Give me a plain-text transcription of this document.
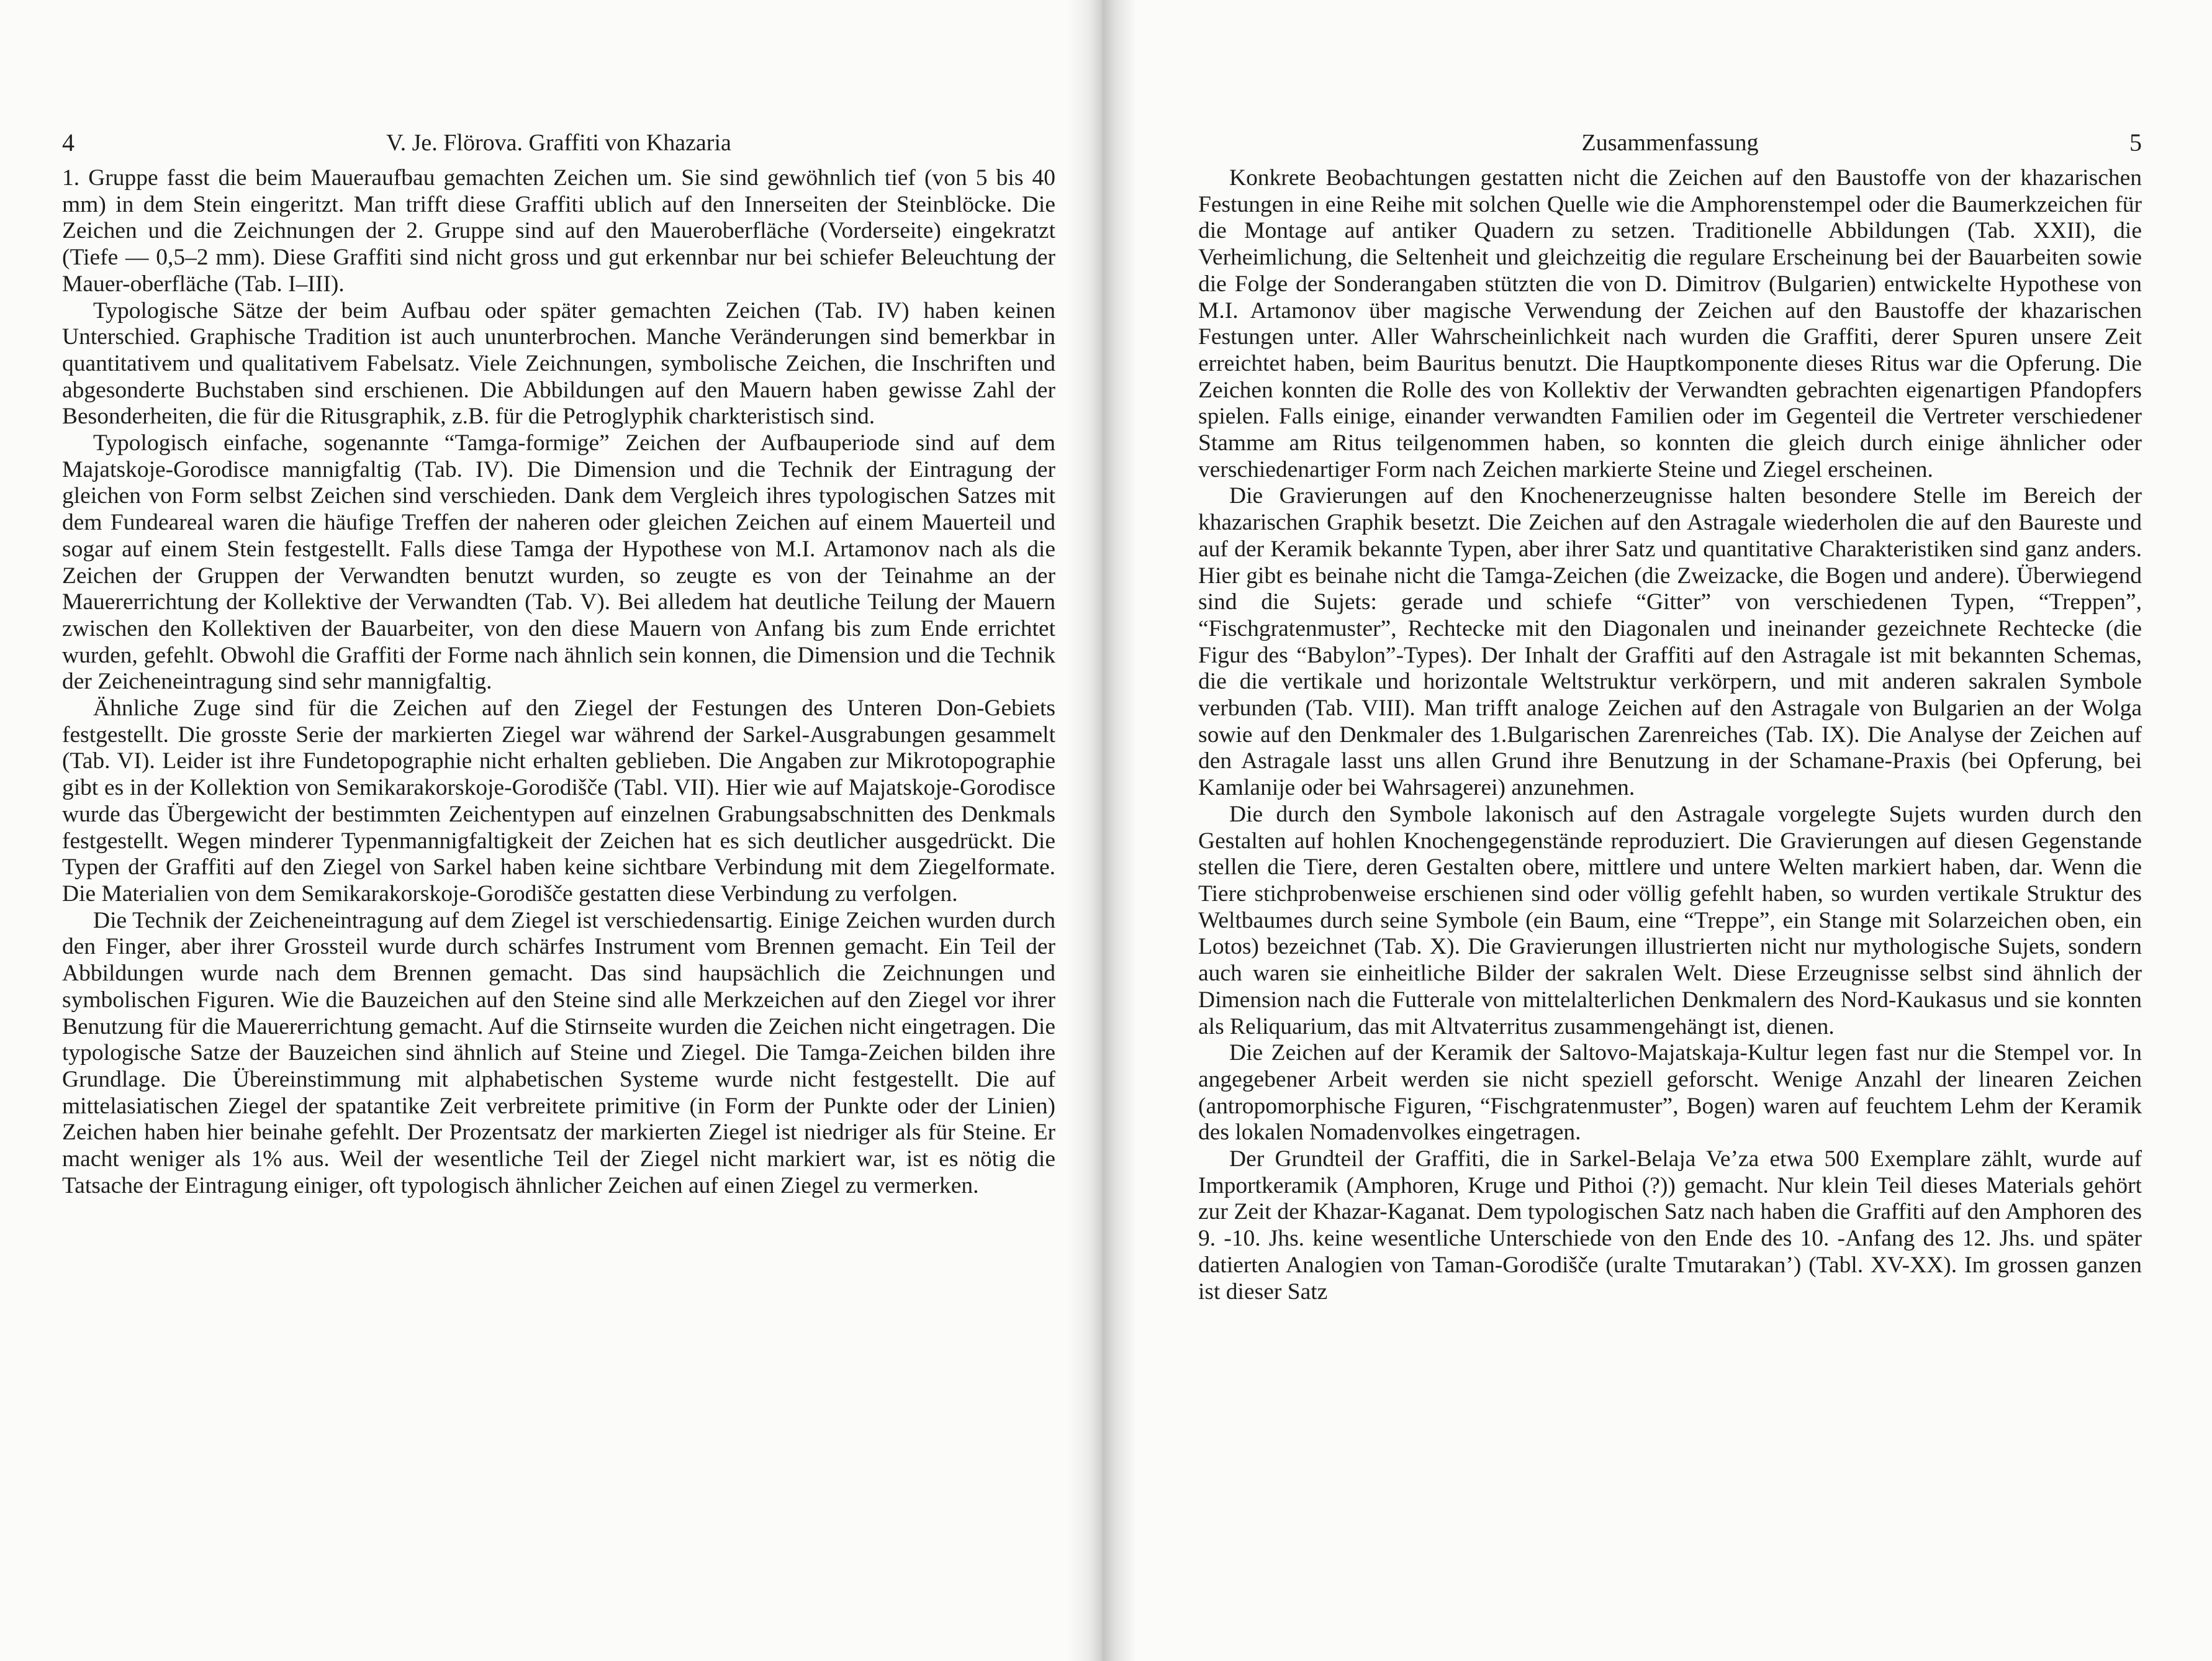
4	V. Je. Flörova. Graffiti von Khazaria

1. Gruppe fasst die beim Maueraufbau gemachten Zeichen um. Sie sind gewöhnlich tief (von 5 bis 40 mm) in dem Stein eingeritzt. Man trifft diese Graffiti ublich auf den Innerseiten der Steinblöcke. Die Zeichen und die Zeichnungen der 2. Gruppe sind auf den Maueroberfläche (Vorderseite) eingekratzt (Tiefe — 0,5–2 mm). Diese Graffiti sind nicht gross und gut erkennbar nur bei schiefer Beleuchtung der Mauer-oberfläche (Tab. I–III).

Typologische Sätze der beim Aufbau oder später gemachten Zeichen (Tab. IV) haben keinen Unterschied. Graphische Tradition ist auch ununterbrochen. Manche Veränderungen sind bemerkbar in quantitativem und qualitativem Fabelsatz. Viele Zeichnungen, symbolische Zeichen, die Inschriften und abgesonderte Buchstaben sind erschienen. Die Abbildungen auf den Mauern haben gewisse Zahl der Besonderheiten, die für die Ritusgraphik, z.B. für die Petroglyphik charkteristisch sind.

Typologisch einfache, sogenannte “Tamga-formige” Zeichen der Aufbauperiode sind auf dem Majatskoje-Gorodisce mannigfaltig (Tab. IV). Die Dimension und die Technik der Eintragung der gleichen von Form selbst Zeichen sind verschieden. Dank dem Vergleich ihres typologischen Satzes mit dem Fundeareal waren die häufige Treffen der naheren oder gleichen Zeichen auf einem Mauerteil und sogar auf einem Stein festgestellt. Falls diese Tamga der Hypothese von M.I. Artamonov nach als die Zeichen der Gruppen der Verwandten benutzt wurden, so zeugte es von der Teinahme an der Mauererrichtung der Kollektive der Verwandten (Tab. V). Bei alledem hat deutliche Teilung der Mauern zwischen den Kollektiven der Bauarbeiter, von den diese Mauern von Anfang bis zum Ende errichtet wurden, gefehlt. Obwohl die Graffiti der Forme nach ähnlich sein konnen, die Dimension und die Technik der Zeicheneintragung sind sehr mannigfaltig.

Ähnliche Zuge sind für die Zeichen auf den Ziegel der Festungen des Unteren Don-Gebiets festgestellt. Die grosste Serie der markierten Ziegel war während der Sarkel-Ausgrabungen gesammelt (Tab. VI). Leider ist ihre Fundetopographie nicht erhalten geblieben. Die Angaben zur Mikrotopographie gibt es in der Kollektion von Semikarakorskoje-Gorodišče (Tabl. VII). Hier wie auf Majatskoje-Gorodisce wurde das Übergewicht der bestimmten Zeichentypen auf einzelnen Grabungsabschnitten des Denkmals festgestellt. Wegen minderer Typenmannigfaltigkeit der Zeichen hat es sich deutlicher ausgedrückt. Die Typen der Graffiti auf den Ziegel von Sarkel haben keine sichtbare Verbindung mit dem Ziegelformate. Die Materialien von dem Semikarakorskoje-Gorodišče gestatten diese Verbindung zu verfolgen.

Die Technik der Zeicheneintragung auf dem Ziegel ist verschiedensartig. Einige Zeichen wurden durch den Finger, aber ihrer Grossteil wurde durch schärfes Instrument vom Brennen gemacht. Ein Teil der Abbildungen wurde nach dem Brennen gemacht. Das sind haupsächlich die Zeichnungen und symbolischen Figuren. Wie die Bauzeichen auf den Steine sind alle Merkzeichen auf den Ziegel vor ihrer Benutzung für die Mauererrichtung gemacht. Auf die Stirnseite wurden die Zeichen nicht eingetragen. Die typologische Satze der Bauzeichen sind ähnlich auf Steine und Ziegel. Die Tamga-Zeichen bilden ihre Grundlage. Die Übereinstimmung mit alphabetischen Systeme wurde nicht festgestellt. Die auf mittelasiatischen Ziegel der spatantike Zeit verbreitete primitive (in Form der Punkte oder der Linien) Zeichen haben hier beinahe gefehlt. Der Prozentsatz der markierten Ziegel ist niedriger als für Steine. Er macht weniger als 1% aus. Weil der wesentliche Teil der Ziegel nicht markiert war, ist es nötig die Tatsache der Eintragung einiger, oft typologisch ähnlicher Zeichen auf einen Ziegel zu vermerken.

Zusammenfassung	5

Konkrete Beobachtungen gestatten nicht die Zeichen auf den Baustoffe von der khazarischen Festungen in eine Reihe mit solchen Quelle wie die Amphorenstempel oder die Baumerkzeichen für die Montage auf antiker Quadern zu setzen. Traditionelle Abbildungen (Tab. XXII), die Verheimlichung, die Seltenheit und gleichzeitig die regulare Erscheinung bei der Bauarbeiten sowie die Folge der Sonderangaben stützten die von D. Dimitrov (Bulgarien) entwickelte Hypothese von M.I. Artamonov über magische Verwendung der Zeichen auf den Baustoffe der khazarischen Festungen unter. Aller Wahrscheinlichkeit nach wurden die Graffiti, derer Spuren unsere Zeit erreichtet haben, beim Bauritus benutzt. Die Hauptkomponente dieses Ritus war die Opferung. Die Zeichen konnten die Rolle des von Kollektiv der Verwandten gebrachten eigenartigen Pfandopfers spielen. Falls einige, einander verwandten Familien oder im Gegenteil die Vertreter verschiedener Stamme am Ritus teilgenommen haben, so konnten die gleich durch einige ähnlicher oder verschiedenartiger Form nach Zeichen markierte Steine und Ziegel erscheinen.

Die Gravierungen auf den Knochenerzeugnisse halten besondere Stelle im Bereich der khazarischen Graphik besetzt. Die Zeichen auf den Astragale wiederholen die auf den Baureste und auf der Keramik bekannte Typen, aber ihrer Satz und quantitative Charakteristiken sind ganz anders. Hier gibt es beinahe nicht die Tamga-Zeichen (die Zweizacke, die Bogen und andere). Überwiegend sind die Sujets: gerade und schiefe “Gitter” von verschiedenen Typen, “Treppen”, “Fischgratenmuster”, Rechtecke mit den Diagonalen und ineinander gezeichnete Rechtecke (die Figur des “Babylon”-Types). Der Inhalt der Graffiti auf den Astragale ist mit bekannten Schemas, die die vertikale und horizontale Weltstruktur verkörpern, und mit anderen sakralen Symbole verbunden (Tab. VIII). Man trifft analoge Zeichen auf den Astragale von Bulgarien an der Wolga sowie auf den Denkmaler des 1.Bulgarischen Zarenreiches (Tab. IX). Die Analyse der Zeichen auf den Astragale lasst uns allen Grund ihre Benutzung in der Schamane-Praxis (bei Opferung, bei Kamlanije oder bei Wahrsagerei) anzunehmen.

Die durch den Symbole lakonisch auf den Astragale vorgelegte Sujets wurden durch den Gestalten auf hohlen Knochengegenstände reproduziert. Die Gravierungen auf diesen Gegenstande stellen die Tiere, deren Gestalten obere, mittlere und untere Welten markiert haben, dar. Wenn die Tiere stichprobenweise erschienen sind oder völlig gefehlt haben, so wurden vertikale Struktur des Weltbaumes durch seine Symbole (ein Baum, eine “Treppe”, ein Stange mit Solarzeichen oben, ein Lotos) bezeichnet (Tab. X). Die Gravierungen illustrierten nicht nur mythologische Sujets, sondern auch waren sie einheitliche Bilder der sakralen Welt. Diese Erzeugnisse selbst sind ähnlich der Dimension nach die Futterale von mittelalterlichen Denkmalern des Nord-Kaukasus und sie konnten als Reliquarium, das mit Altvaterritus zusammengehängt ist, dienen.

Die Zeichen auf der Keramik der Saltovo-Majatskaja-Kultur legen fast nur die Stempel vor. In angegebener Arbeit werden sie nicht speziell geforscht. Wenige Anzahl der linearen Zeichen (antropomorphische Figuren, “Fischgratenmuster”, Bogen) waren auf feuchtem Lehm der Keramik des lokalen Nomadenvolkes eingetragen.

Der Grundteil der Graffiti, die in Sarkel-Belaja Ve’za etwa 500 Exemplare zählt, wurde auf Importkeramik (Amphoren, Kruge und Pithoi (?)) gemacht. Nur klein Teil dieses Materials gehört zur Zeit der Khazar-Kaganat. Dem typologischen Satz nach haben die Graffiti auf den Amphoren des 9. -10. Jhs. keine wesentliche Unterschiede von den Ende des 10. -Anfang des 12. Jhs. und später datierten Analogien von Taman-Gorodišče (uralte Tmutarakan’) (Tabl. XV-XX). Im grossen ganzen ist dieser Satz
